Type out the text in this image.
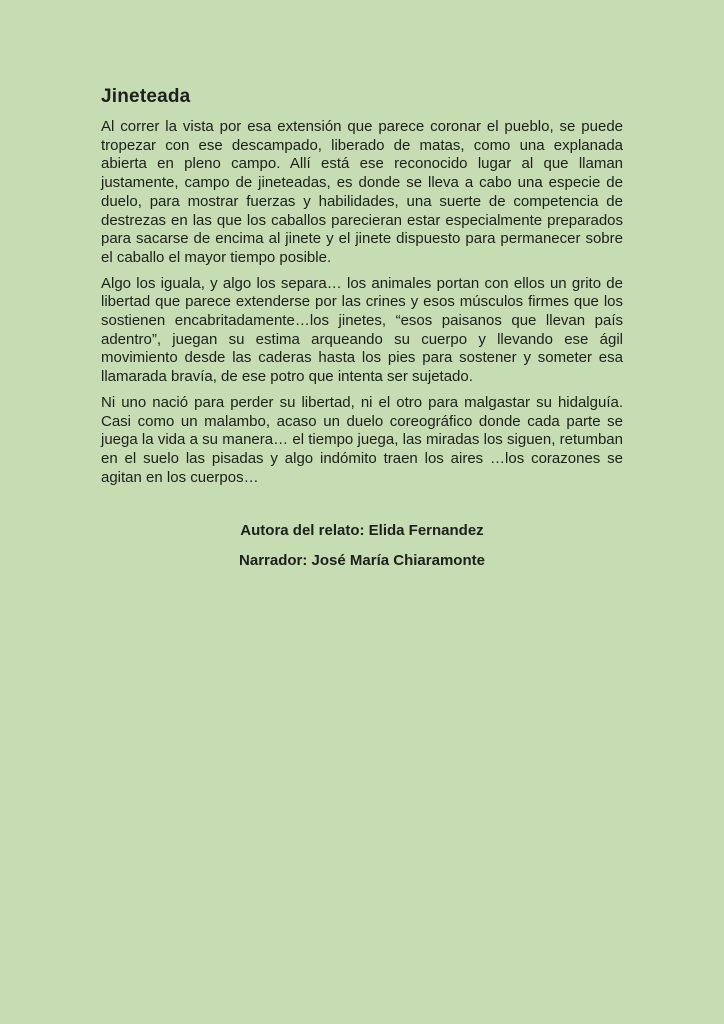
Jineteada

Al correr la vista por esa extensión que parece coronar el pueblo, se puede tropezar con ese descampado, liberado de matas, como una explanada abierta en pleno campo. Allí está ese reconocido lugar al que llaman justamente, campo de jineteadas, es donde se lleva a cabo una especie de duelo, para mostrar fuerzas y habilidades, una suerte de competencia de destrezas en las que los caballos parecieran estar especialmente preparados para sacarse de encima al jinete y el jinete dispuesto para permanecer sobre el caballo el mayor tiempo posible.

Algo los iguala, y algo los separa… los animales portan con ellos un grito de libertad que parece extenderse por las crines y esos músculos firmes que los sostienen encabritadamente…los jinetes, “esos paisanos que llevan país adentro”, juegan su estima arqueando su cuerpo y llevando ese ágil movimiento desde las caderas hasta los pies para sostener y someter esa llamarada bravía, de ese potro que intenta ser sujetado.

Ni uno nació para perder su libertad, ni el otro para malgastar su hidalguía. Casi como un malambo, acaso un duelo coreográfico donde cada parte se juega la vida a su manera… el tiempo juega, las miradas los siguen, retumban en el suelo las pisadas y algo indómito traen los aires …los corazones se agitan en los cuerpos…

Autora del relato: Elida Fernandez

Narrador: José María Chiaramonte
